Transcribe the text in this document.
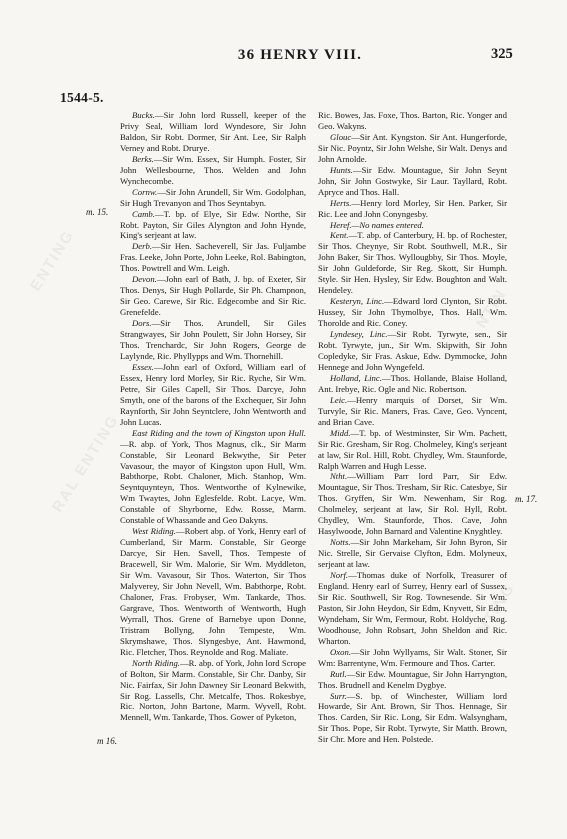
ENTING
RAL ENTING
NTIN
NTING
1544-5.
36 HENRY VIII.	325
m. 15.
m 16.
m. 17.

Bucks.—Sir John lord Russell, keeper of the Privy Seal, William lord Wyndesore, Sir John Baldon, Sir Robt. Dormer, Sir Ant. Lee, Sir Ralph Verney and Robt. Drurye.

Berks.—Sir Wm. Essex, Sir Humph. Foster, Sir John Wellesbourne, Thos. Welden and John Wynchecombe.

Cornw.—Sir John Arundell, Sir Wm. Godolphan, Sir Hugh Trevanyon and Thos Seyntabyn.

Camb.—T. bp. of Elye, Sir Edw. Northe, Sir Robt. Payton, Sir Giles Alyngton and John Hynde, King's serjeant at law.

Derb.—Sir Hen. Sacheverell, Sir Jas. Fuljambe Fras. Leeke, John Porte, John Leeke, Rol. Babington, Thos. Powtrell and Wm. Leigh.

Devon.—John earl of Bath, J. bp. of Exeter, Sir Thos. Denys, Sir Hugh Pollarde, Sir Ph. Champnon, Sir Geo. Carewe, Sir Ric. Edgecombe and Sir Ric. Grenefelde.

Dors.—Sir Thos. Arundell, Sir Giles Strangwayes, Sir John Poulett, Sir John Horsey, Sir Thos. Trenchardc, Sir John Rogers, George de Laylynde, Ric. Phyllypps and Wm. Thornehill.

Essex.—John earl of Oxford, William earl of Essex, Henry lord Morley, Sir Ric. Ryche, Sir Wm. Petre, Sir Giles Capell, Sir Thos. Darcye, John Smyth, one of the barons of the Exchequer, Sir John Raynforth, Sir John Seyntclere, John Wentworth and John Lucas.

East Riding and the town of Kingston upon Hull.—R. abp. of York, Thos Magnus, clk., Sir Marm Constable, Sir Leonard Bekwythe, Sir Peter Vavasour, the mayor of Kingston upon Hull, Wm. Babthorpe, Robt. Chaloner, Mich. Stanhop, Wm. Seyntquynteyn, Thos. Wentworthe of Kylnewike, Wm Twaytes, John Eglesfelde. Robt. Lacye, Wm. Constable of Shyrborne, Edw. Rosse, Marm. Constable of Whassande and Geo Dakyns.

West Riding.—Robert abp. of York, Henry earl of Cumberland, Sir Marm. Constable, Sir George Darcye, Sir Hen. Savell, Thos. Tempeste of Bracewell, Sir Wm. Malorie, Sir Wm. Myddleton, Sir Wm. Vavasour, Sir Thos. Waterton, Sir Thos Malyverey, Sir John Nevell, Wm. Babthorpe, Robt. Chaloner, Fras. Frobyser, Wm. Tankarde, Thos. Gargrave, Thos. Wentworth of Wentworth, Hugh Wyrrall, Thos. Grene of Barnebye upon Donne, Tristram Bollyng, John Tempeste, Wm. Skrymshawe, Thos. Slyngesbye, Ant. Hawmond, Ric. Fletcher, Thos. Reynolde and Rog. Maliate.

North Riding.—R. abp. of York, John lord Scrope of Bolton, Sir Marm. Constable, Sir Chr. Danby, Sir Nic. Fairfax, Sir John Dawney Sir Leonard Bekwith, Sir Rog. Lassells, Chr. Metcalfe, Thos. Rokesbye, Ric. Norton, John Bartone, Marm. Wyvell, Robt. Mennell, Wm. Tankarde, Thos. Gower of Pyketon,

Ric. Bowes, Jas. Foxe, Thos. Barton, Ric. Yonger and Geo. Wakyns.

Glouc—Sir Ant. Kyngston. Sir Ant. Hungerforde, Sir Nic. Poyntz, Sir John Welshe, Sir Walt. Denys and John Arnolde.

Hunts.—Sir Edw. Mountague, Sir John Seynt John, Sir John Gostwyke, Sir Laur. Tayllard, Robt. Apryce and Thos. Hall.

Herts.—Henry lord Morley, Sir Hen. Parker, Sir Ric. Lee and John Conyngesby.

Heref.—No names entered.

Kent.—T. abp. of Canterbury, H. bp. of Rochester, Sir Thos. Cheynye, Sir Robt. Southwell, M.R., Sir John Baker, Sir Thos. Wyllougbby, Sir Thos. Moyle, Sir John Guldeforde, Sir Reg. Skott, Sir Humph. Style. Sir Hen. Hysley, Sir Edw. Boughton and Walt. Hendeley.

Kesteryn, Linc.—Edward lord Clynton, Sir Robt. Hussey, Sir John Thymolbye, Thos. Hall, Wm. Thorolde and Ric. Coney.

Lyndesey, Linc.—Sir Robt. Tyrwyte, sen., Sir Robt. Tyrwyte, jun., Sir Wm. Skipwith, Sir John Copledyke, Sir Fras. Askue, Edw. Dymmocke, John Hennege and John Wyngefeld.

Holland, Linc.—Thos. Hollande, Blaise Holland, Ant. Irebye, Ric. Ogle and Nic. Robertson.

Leic.—Henry marquis of Dorset, Sir Wm. Turvyle, Sir Ric. Maners, Fras. Cave, Geo. Vyncent, and Brian Cave.

Midd.—T. bp. of Westminster, Sir Wm. Pachett, Sir Ric. Gresham, Sir Rog. Cholmeley, King's serjeant at law, Sir Rol. Hill, Robt. Chydley, Wm. Staunforde, Ralph Warren and Hugh Lesse.

Ntht.—William Parr lord Parr, Sir Edw. Mountague, Sir Thos. Tresham, Sir Ric. Catesbye, Sir Thos. Gryffen, Sir Wm. Newenham, Sir Rog. Cholmeley, serjeant at law, Sir Rol. Hyll, Robt. Chydley, Wm. Staunforde, Thos. Cave, John Hasylwoode, John Barnard and Valentine Knyghtley.

Notts.—Sir John Markeham, Sir John Byron, Sir Nic. Strelle, Sir Gervaise Clyfton, Edm. Molyneux, serjeant at law.

Norf.—Thomas duke of Norfolk, Treasurer of England. Henry earl of Surrey, Henry earl of Sussex, Sir Ric. Southwell, Sir Rog. Townesende. Sir Wm. Paston, Sir John Heydon, Sir Edm, Knyvett, Sir Edm, Wyndeham, Sir Wm, Fermour, Robt. Holdyche, Rog. Woodhouse, John Robsart, John Sheldon and Ric. Wharton.

Oxon.—Sir John Wyllyams, Sir Walt. Stoner, Sir Wm: Barrentyne, Wm. Fermoure and Thos. Carter.

Rutl.—Sir Edw. Mountague, Sir John Harryngton, Thos. Brudnell and Kenelm Dygbye.

Surr.—S. bp. of Winchester, William lord Howarde, Sir Ant. Brown, Sir Thos. Hennage, Sir Thos. Carden, Sir Ric. Long, Sir Edm. Walsyngham, Sir Thos. Pope, Sir Robt. Tyrwyte, Sir Matth. Brown, Sir Chr. More and Hen. Polstede.
